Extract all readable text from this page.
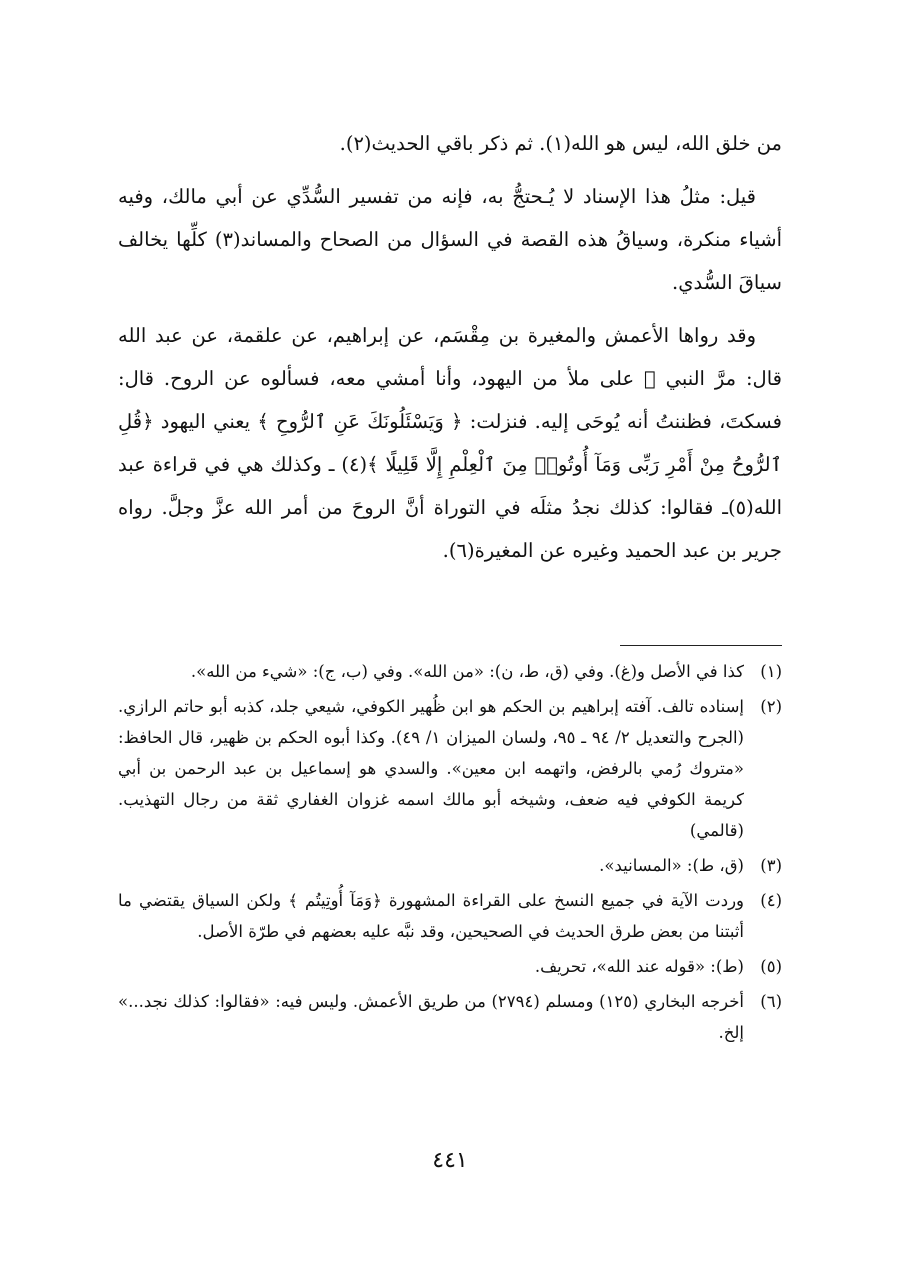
من خلق الله، ليس هو الله(١). ثم ذكر باقي الحديث(٢).

قيل: مثلُ هذا الإسناد لا يُـحتجُّ به، فإنه من تفسير السُّدِّي عن أبي مالك، وفيه أشياء منكرة، وسياقُ هذه القصة في السؤال من الصحاح والمساند(٣) كلِّها يخالف سياقَ السُّدي.

وقد رواها الأعمش والمغيرة بن مِقْسَم، عن إبراهيم، عن علقمة، عن عبد الله قال: مرَّ النبي ﷺ على ملأ من اليهود، وأنا أمشي معه، فسألوه عن الروح. قال: فسكتَ، فظننتُ أنه يُوحَى إليه. فنزلت: ﴿ وَيَسْئَلُونَكَ عَنِ ٱلرُّوحِ ﴾ يعني اليهود ﴿قُلِ ٱلرُّوحُ مِنْ أَمْرِ رَبِّى وَمَآ أُوتُوا۟ مِنَ ٱلْعِلْمِ إِلَّا قَلِيلًا ﴾(٤) ـ وكذلك هي في قراءة عبد الله(٥)ـ فقالوا: كذلك نجدُ مثلَه في التوراة أنَّ الروحَ من أمر الله عزَّ وجلَّ. رواه جرير بن عبد الحميد وغيره عن المغيرة(٦).

(١)
كذا في الأصل و(غ). وفي (ق، ط، ن): «من الله». وفي (ب، ج): «شيء من الله».
(٢)
إسناده تالف. آفته إبراهيم بن الحكم هو ابن ظُهير الكوفي، شيعي جلد، كذبه أبو حاتم الرازي. (الجرح والتعديل ٢/ ٩٤ ـ ٩٥، ولسان الميزان ١/ ٤٩). وكذا أبوه الحكم بن ظهير، قال الحافظ: «متروك رُمي بالرفض، واتهمه ابن معين». والسدي هو إسماعيل بن عبد الرحمن بن أبي كريمة الكوفي فيه ضعف، وشيخه أبو مالك اسمه غزوان الغفاري ثقة من رجال التهذيب. (قالمي)
(٣)
(ق، ط): «المسانيد».
(٤)
وردت الآية في جميع النسخ على القراءة المشهورة ﴿وَمَآ أُوتِيتُم ﴾ ولكن السياق يقتضي ما أثبتنا من بعض طرق الحديث في الصحيحين، وقد نبَّه عليه بعضهم في طرّة الأصل.
(٥)
(ط): «قوله عند الله»، تحريف.
(٦)
أخرجه البخاري (١٢٥) ومسلم (٢٧٩٤) من طريق الأعمش. وليس فيه: «فقالوا: كذلك نجد...» إلخ.
٤٤١
